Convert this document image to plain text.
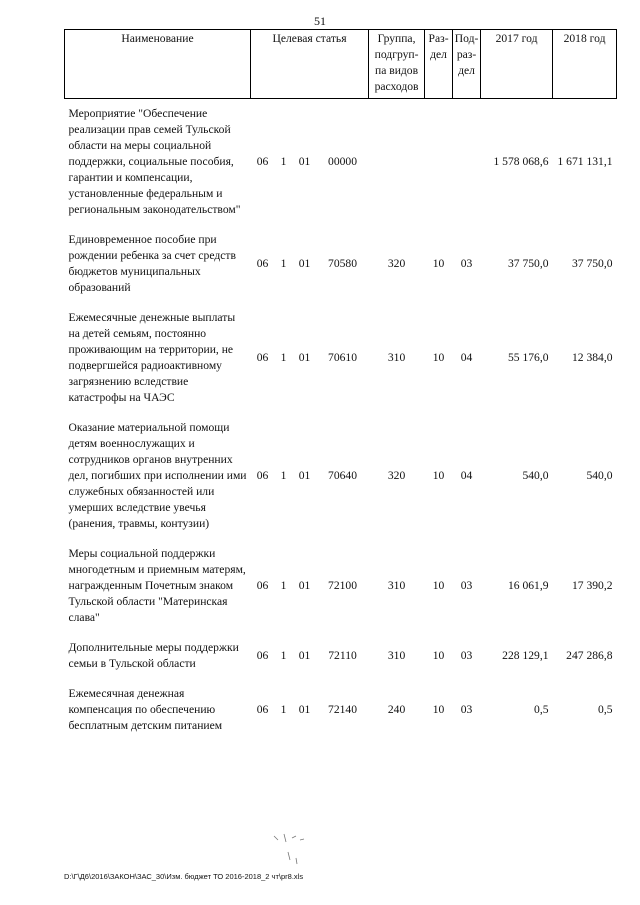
51
Наименование	Целевая статья				Группа, подгруп-па видов расходов	Раз-дел	Под-раз-дел	2017 год	2018 год
Мероприятие "Обеспечение реализации прав семей Тульской области на меры социальной поддержки, социальные пособия, гарантии и компенсации, установленные федеральным и региональным законодательством"	06	1	01	00000				1 578 068,6	1 671 131,1
Единовременное пособие при рождении ребенка за счет средств бюджетов муниципальных образований	06	1	01	70580	320	10	03	37 750,0	37 750,0
Ежемесячные денежные выплаты на детей семьям, постоянно проживающим на территории, не подвергшейся радиоактивному загрязнению вследствие катастрофы на ЧАЭС	06	1	01	70610	310	10	04	55 176,0	12 384,0
Оказание материальной помощи детям военнослужащих и сотрудников органов внутренних дел, погибших при исполнении ими служебных обязанностей или умерших вследствие увечья (ранения, травмы, контузии)	06	1	01	70640	320	10	04	540,0	540,0
Меры социальной поддержки многодетным и приемным матерям, награжденным Почетным знаком Тульской области "Материнская слава"	06	1	01	72100	310	10	03	16 061,9	17 390,2
Дополнительные меры поддержки семьи в Тульской области	06	1	01	72110	310	10	03	228 129,1	247 286,8
Ежемесячная денежная компенсация по обеспечению бесплатным детским питанием	06	1	01	72140	240	10	03	0,5	0,5
D:\Г\Д6\2016\ЗАКОН\ЗАС_30\Изм. бюджет ТО 2016-2018_2 чт\pr8.xls
